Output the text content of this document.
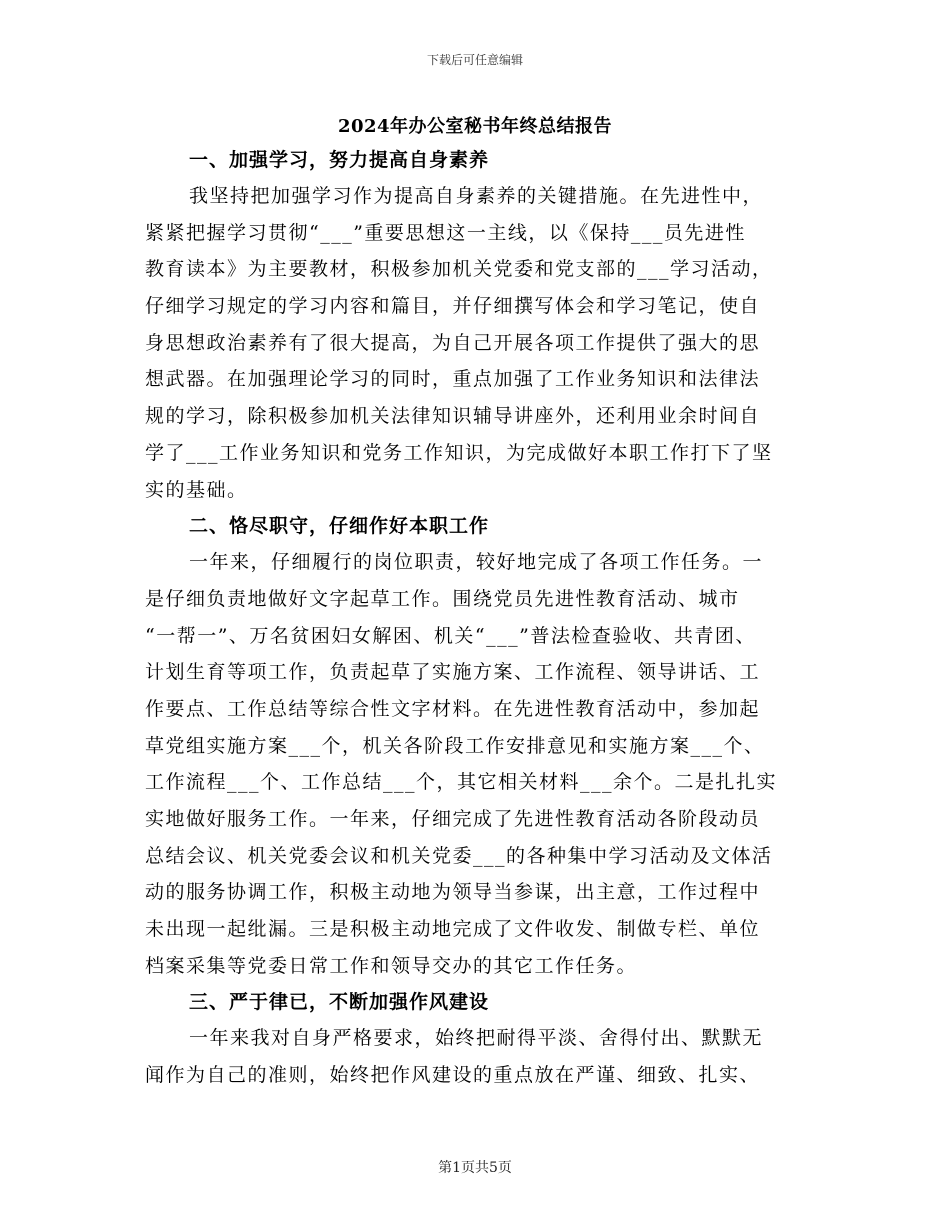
下载后可任意编辑
2024年办公室秘书年终总结报告
一、加强学习，努力提高自身素养
我坚持把加强学习作为提高自身素养的关键措施。在先进性中，
紧紧把握学习贯彻“___”重要思想这一主线，以《保持___员先进性
教育读本》为主要教材，积极参加机关党委和党支部的___学习活动，
仔细学习规定的学习内容和篇目，并仔细撰写体会和学习笔记，使自
身思想政治素养有了很大提高，为自己开展各项工作提供了强大的思
想武器。在加强理论学习的同时，重点加强了工作业务知识和法律法
规的学习，除积极参加机关法律知识辅导讲座外，还利用业余时间自
学了___工作业务知识和党务工作知识，为完成做好本职工作打下了坚
实的基础。
二、恪尽职守，仔细作好本职工作
一年来，仔细履行的岗位职责，较好地完成了各项工作任务。一
是仔细负责地做好文字起草工作。围绕党员先进性教育活动、城市
“一帮一”、万名贫困妇女解困、机关“___”普法检查验收、共青团、
计划生育等项工作，负责起草了实施方案、工作流程、领导讲话、工
作要点、工作总结等综合性文字材料。在先进性教育活动中，参加起
草党组实施方案___个，机关各阶段工作安排意见和实施方案___个、
工作流程___个、工作总结___个，其它相关材料___余个。二是扎扎实
实地做好服务工作。一年来，仔细完成了先进性教育活动各阶段动员
总结会议、机关党委会议和机关党委___的各种集中学习活动及文体活
动的服务协调工作，积极主动地为领导当参谋，出主意，工作过程中
未出现一起纰漏。三是积极主动地完成了文件收发、制做专栏、单位
档案采集等党委日常工作和领导交办的其它工作任务。
三、严于律已，不断加强作风建设
一年来我对自身严格要求，始终把耐得平淡、舍得付出、默默无
闻作为自己的准则，始终把作风建设的重点放在严谨、细致、扎实、
第1页共5页
